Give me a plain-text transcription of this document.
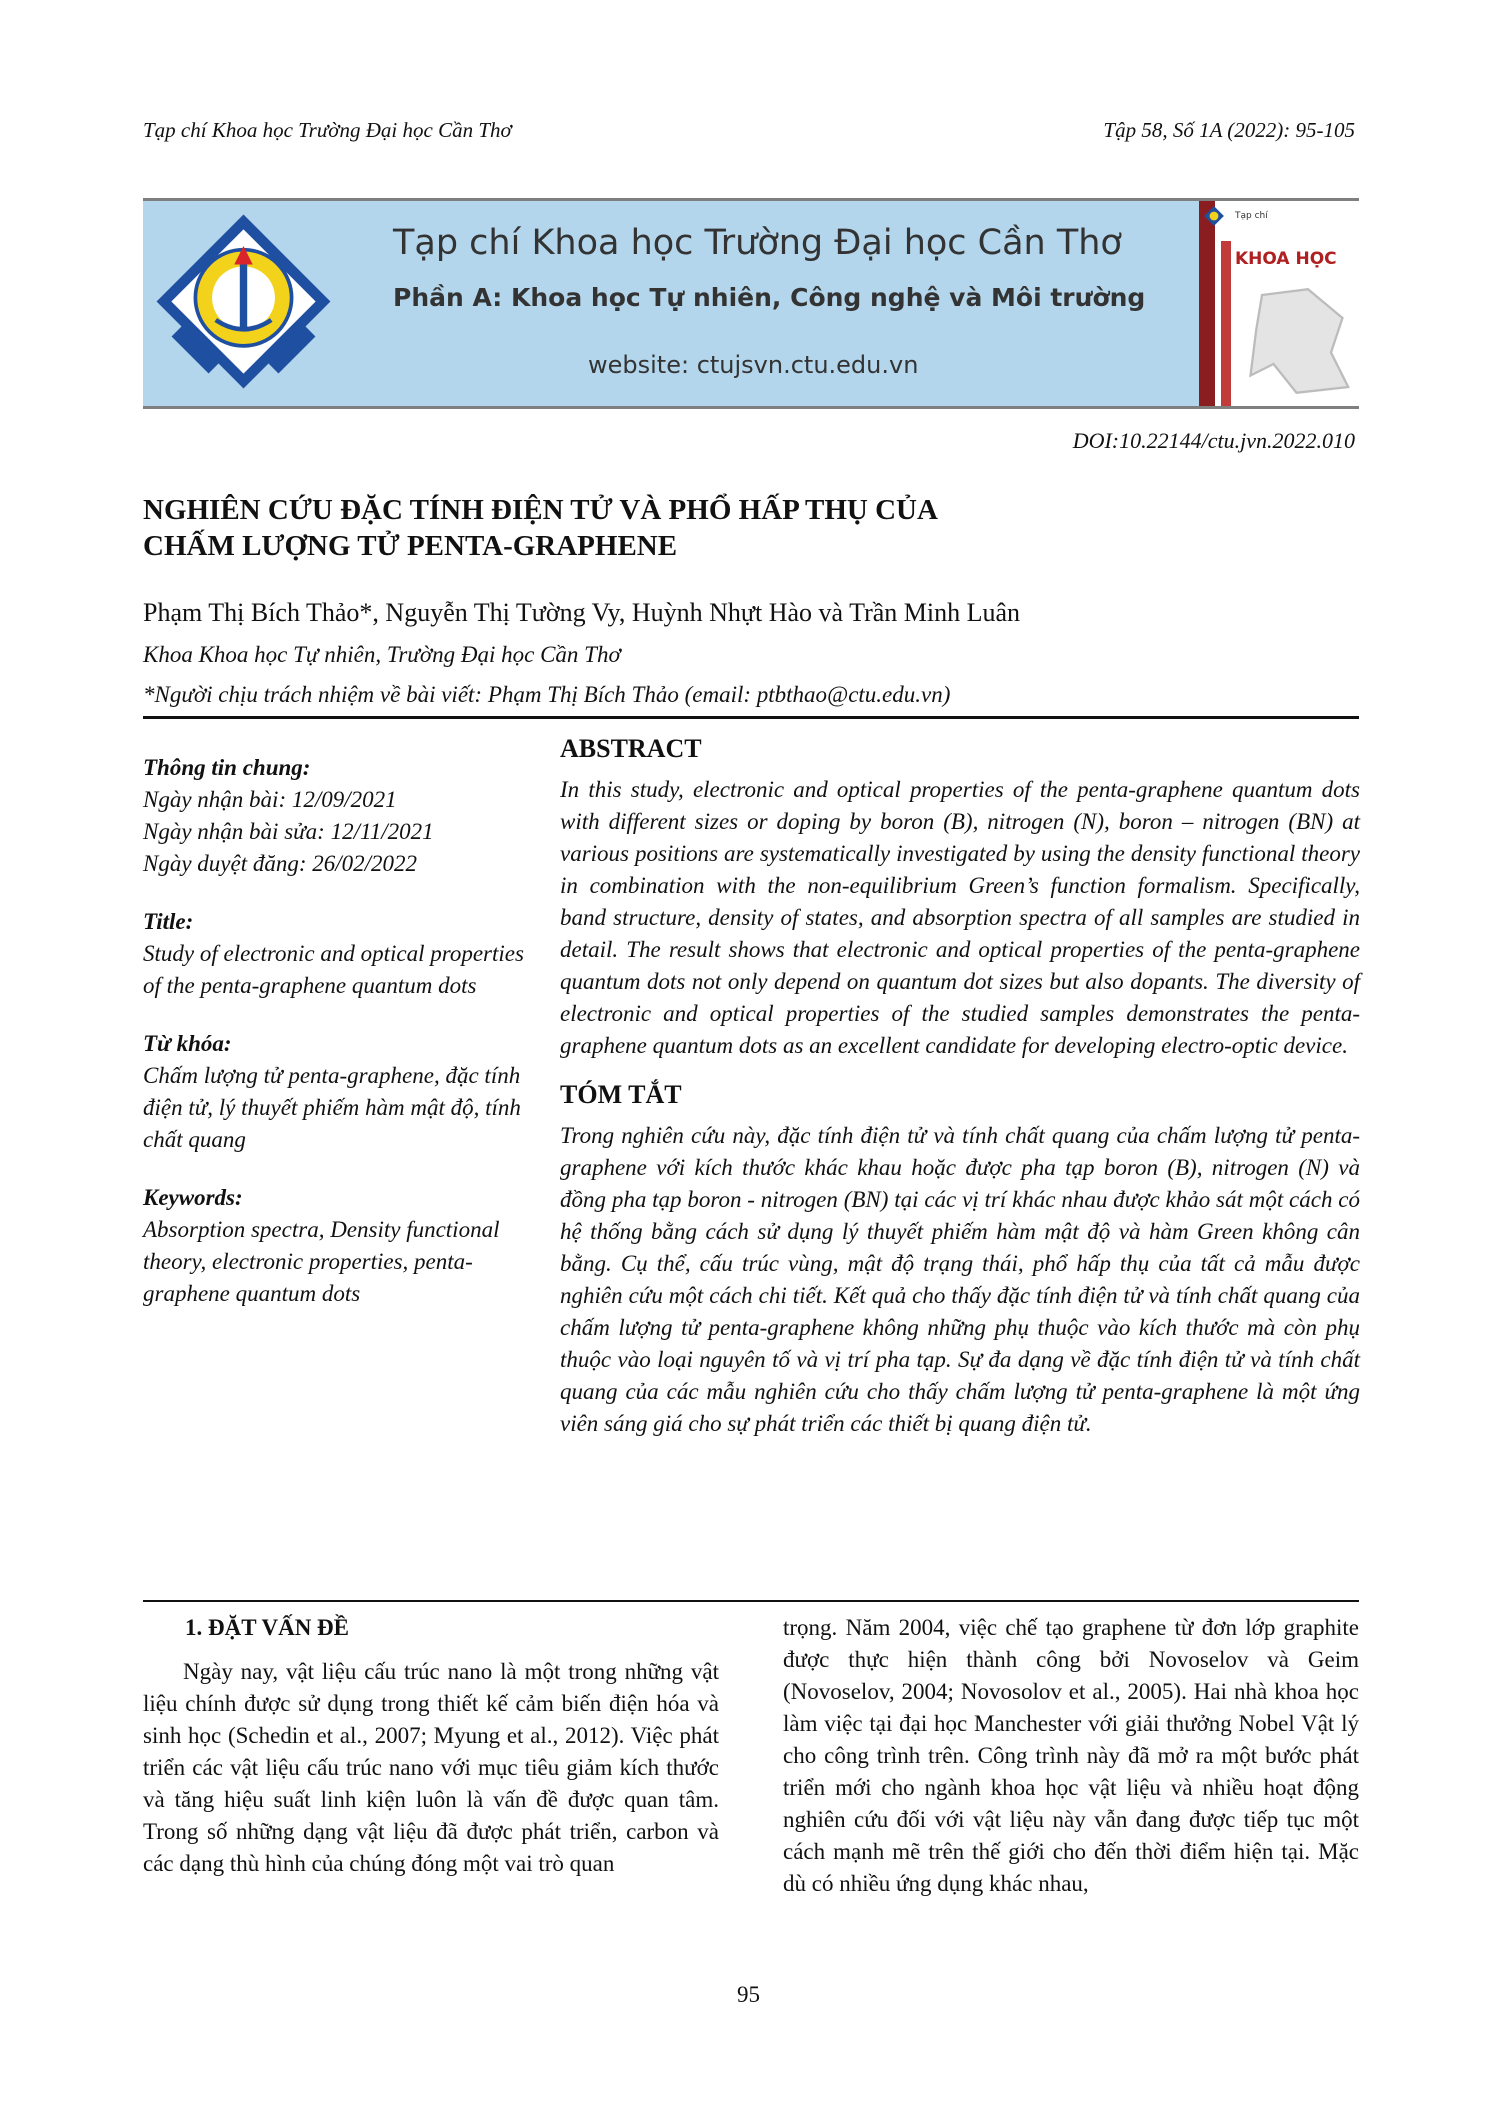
Tạp chí Khoa học Trường Đại học Cần Thơ	Tập 58, Số 1A (2022): 95-105
Tạp chí Khoa học Trường Đại học Cần Thơ
Phần A: Khoa học Tự nhiên, Công nghệ và Môi trường
website: ctujsvn.ctu.edu.vn
Tạp chí
KHOA HỌC
DOI:10.22144/ctu.jvn.2022.010
NGHIÊN CỨU ĐẶC TÍNH ĐIỆN TỬ VÀ PHỔ HẤP THỤ CỦA
CHẤM LƯỢNG TỬ PENTA-GRAPHENE
Phạm Thị Bích Thảo*, Nguyễn Thị Tường Vy, Huỳnh Nhựt Hào và Trần Minh Luân
Khoa Khoa học Tự nhiên, Trường Đại học Cần Thơ
*Người chịu trách nhiệm về bài viết: Phạm Thị Bích Thảo (email: ptbthao@ctu.edu.vn)
Thông tin chung:
Ngày nhận bài: 12/09/2021
Ngày nhận bài sửa: 12/11/2021
Ngày duyệt đăng: 26/02/2022
Title:
Study of electronic and optical properties of the penta-graphene quantum dots
Từ khóa:
Chấm lượng tử penta-graphene, đặc tính điện tử, lý thuyết phiếm hàm mật độ, tính chất quang
Keywords:
Absorption spectra, Density functional theory, electronic properties, penta-graphene quantum dots
ABSTRACT

In this study, electronic and optical properties of the penta-graphene quantum dots with different sizes or doping by boron (B), nitrogen (N), boron – nitrogen (BN) at various positions are systematically investigated by using the density functional theory in combination with the non-equilibrium Green’s function formalism. Specifically, band structure, density of states, and absorption spectra of all samples are studied in detail. The result shows that electronic and optical properties of the penta-graphene quantum dots not only depend on quantum dot sizes but also dopants. The diversity of electronic and optical properties of the studied samples demonstrates the penta-graphene quantum dots as an excellent candidate for developing electro-optic device.

TÓM TẮT

Trong nghiên cứu này, đặc tính điện tử và tính chất quang của chấm lượng tử penta-graphene với kích thước khác khau hoặc được pha tạp boron (B), nitrogen (N) và đồng pha tạp boron - nitrogen (BN) tại các vị trí khác nhau được khảo sát một cách có hệ thống bằng cách sử dụng lý thuyết phiếm hàm mật độ và hàm Green không cân bằng. Cụ thể, cấu trúc vùng, mật độ trạng thái, phổ hấp thụ của tất cả mẫu được nghiên cứu một cách chi tiết. Kết quả cho thấy đặc tính điện tử và tính chất quang của chấm lượng tử penta-graphene không những phụ thuộc vào kích thước mà còn phụ thuộc vào loại nguyên tố và vị trí pha tạp. Sự đa dạng về đặc tính điện tử và tính chất quang của các mẫu nghiên cứu cho thấy chấm lượng tử penta-graphene là một ứng viên sáng giá cho sự phát triển các thiết bị quang điện tử.

1. ĐẶT VẤN ĐỀ

Ngày nay, vật liệu cấu trúc nano là một trong những vật liệu chính được sử dụng trong thiết kế cảm biến điện hóa và sinh học (Schedin et al., 2007; Myung et al., 2012). Việc phát triển các vật liệu cấu trúc nano với mục tiêu giảm kích thước và tăng hiệu suất linh kiện luôn là vấn đề được quan tâm. Trong số những dạng vật liệu đã được phát triển, carbon và các dạng thù hình của chúng đóng một vai trò quan

trọng. Năm 2004, việc chế tạo graphene từ đơn lớp graphite được thực hiện thành công bởi Novoselov và Geim (Novoselov, 2004; Novosolov et al., 2005). Hai nhà khoa học làm việc tại đại học Manchester với giải thưởng Nobel Vật lý cho công trình trên. Công trình này đã mở ra một bước phát triển mới cho ngành khoa học vật liệu và nhiều hoạt động nghiên cứu đối với vật liệu này vẫn đang được tiếp tục một cách mạnh mẽ trên thế giới cho đến thời điểm hiện tại. Mặc dù có nhiều ứng dụng khác nhau,

95
